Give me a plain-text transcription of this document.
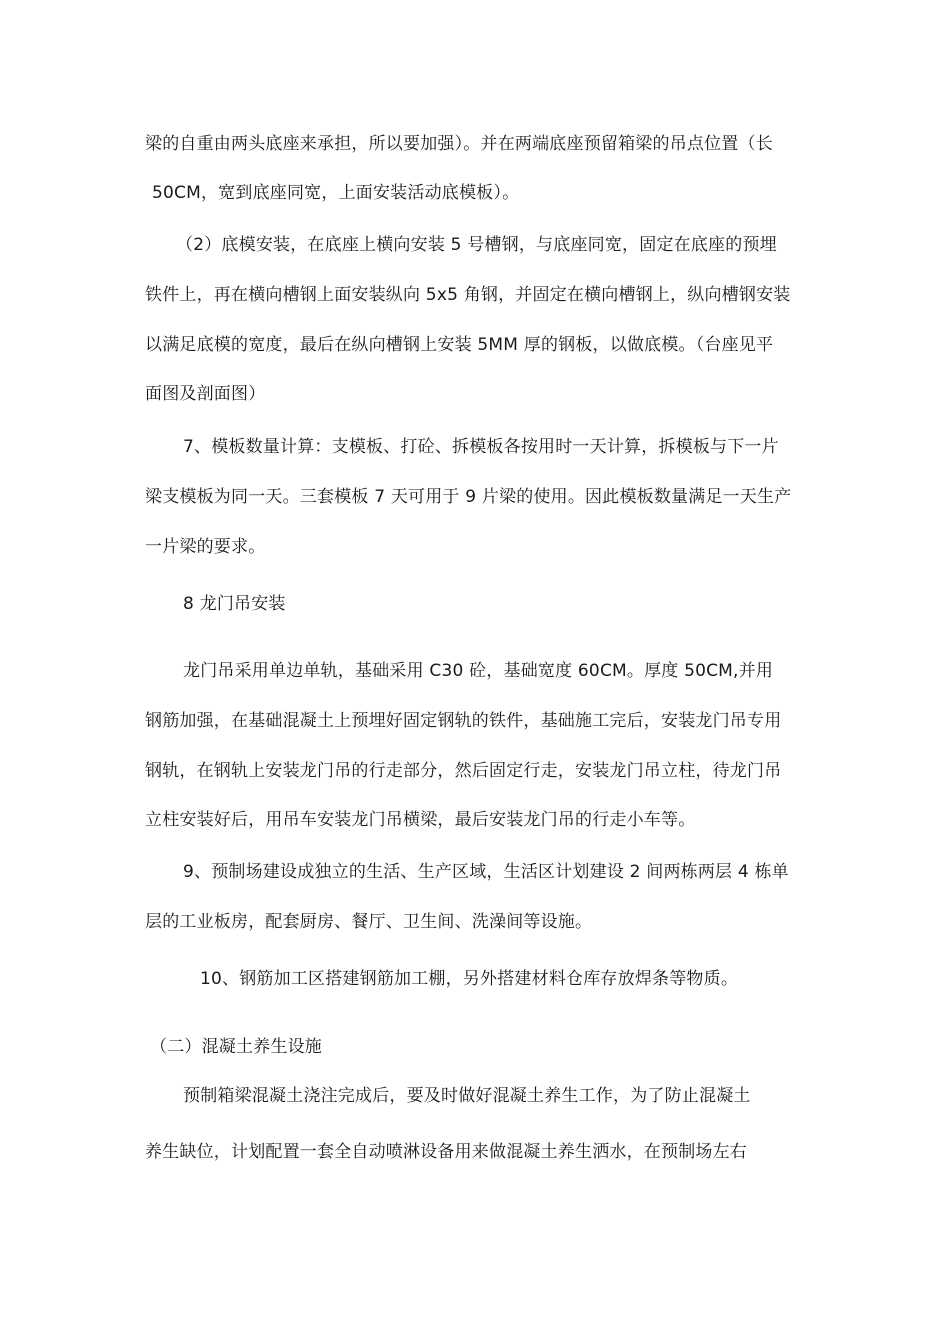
梁的自重由两头底座来承担，所以要加强）。并在两端底座预留箱梁的吊点位置（长
50CM，宽到底座同宽，上面安装活动底模板）。
（2）底模安装，在底座上横向安装 5 号槽钢，与底座同宽，固定在底座的预埋
铁件上，再在横向槽钢上面安装纵向 5x5 角钢，并固定在横向槽钢上，纵向槽钢安装
以满足底模的宽度，最后在纵向槽钢上安装 5MM 厚的钢板，以做底模。（台座见平
面图及剖面图）
7、模板数量计算：支模板、打砼、拆模板各按用时一天计算，拆模板与下一片
梁支模板为同一天。三套模板 7 天可用于 9 片梁的使用。因此模板数量满足一天生产
一片梁的要求。
8 龙门吊安装
龙门吊采用单边单轨，基础采用 C30 砼，基础宽度 60CM。厚度 50CM,并用
钢筋加强，在基础混凝土上预埋好固定钢轨的铁件，基础施工完后，安装龙门吊专用
钢轨，在钢轨上安装龙门吊的行走部分，然后固定行走，安装龙门吊立柱，待龙门吊
立柱安装好后，用吊车安装龙门吊横梁，最后安装龙门吊的行走小车等。
9、预制场建设成独立的生活、生产区域，生活区计划建设 2 间两栋两层 4 栋单
层的工业板房，配套厨房、餐厅、卫生间、洗澡间等设施。
10、钢筋加工区搭建钢筋加工棚，另外搭建材料仓库存放焊条等物质。
（二）混凝土养生设施
预制箱梁混凝土浇注完成后，要及时做好混凝土养生工作，为了防止混凝土
养生缺位，计划配置一套全自动喷淋设备用来做混凝土养生洒水，在预制场左右
